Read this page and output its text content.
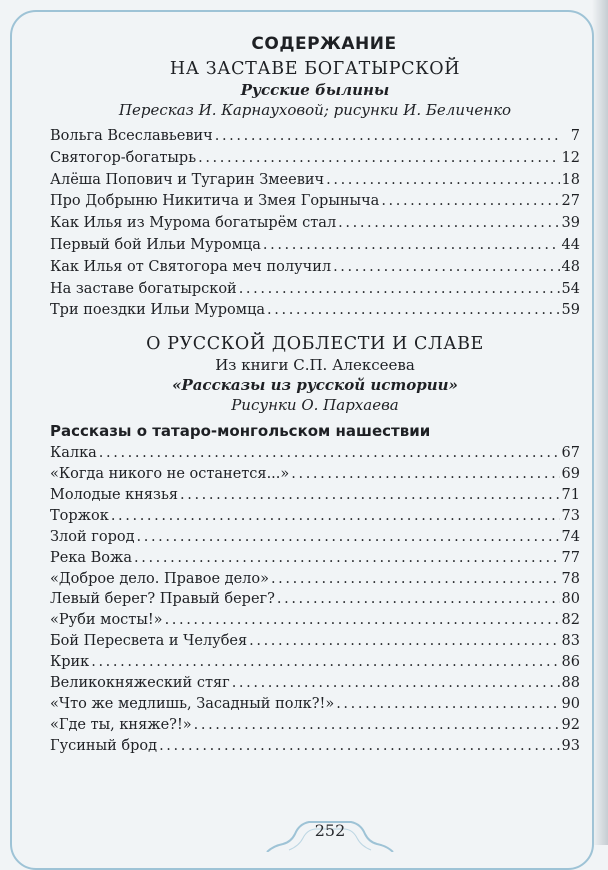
СОДЕРЖАНИЕ
НА ЗАСТАВЕ БОГАТЫРСКОЙ
Русские былины
Пересказ И. Карнауховой; рисунки И. Беличенко
Вольга Всеславьевич . . .	7
Святогор-богатырь . . .	12
Алёша Попович и Тугарин Змеевич . . .	18
Про Добрыню Никитича и Змея Горыныча . . .	27
Как Илья из Мурома богатырём стал . . .	39
Первый бой Ильи Муромца . . .	44
Как Илья от Святогора меч получил . . .	48
На заставе богатырской . . .	54
Три поездки Ильи Муромца . . .	59
О РУССКОЙ ДОБЛЕСТИ И СЛАВЕ
Из книги С.П. Алексеева
«Рассказы из русской истории»
Рисунки О. Пархаева
Рассказы о татаро-монгольском нашествии
Калка . . .	67
«Когда никого не останется...» . . .	69
Молодые князья . . .	71
Торжок . . .	73
Злой город . . .	74
Река Вожа . . .	77
«Доброе дело. Правое дело» . . .	78
Левый берег? Правый берег? . . .	80
«Руби мосты!» . . .	82
Бой Пересвета и Челубея . . .	83
Крик . . .	86
Великокняжеский стяг . . .	88
«Что же медлишь, Засадный полк?!» . . .	90
«Где ты, княже?!» . . .	92
Гусиный брод . . .	93
252
